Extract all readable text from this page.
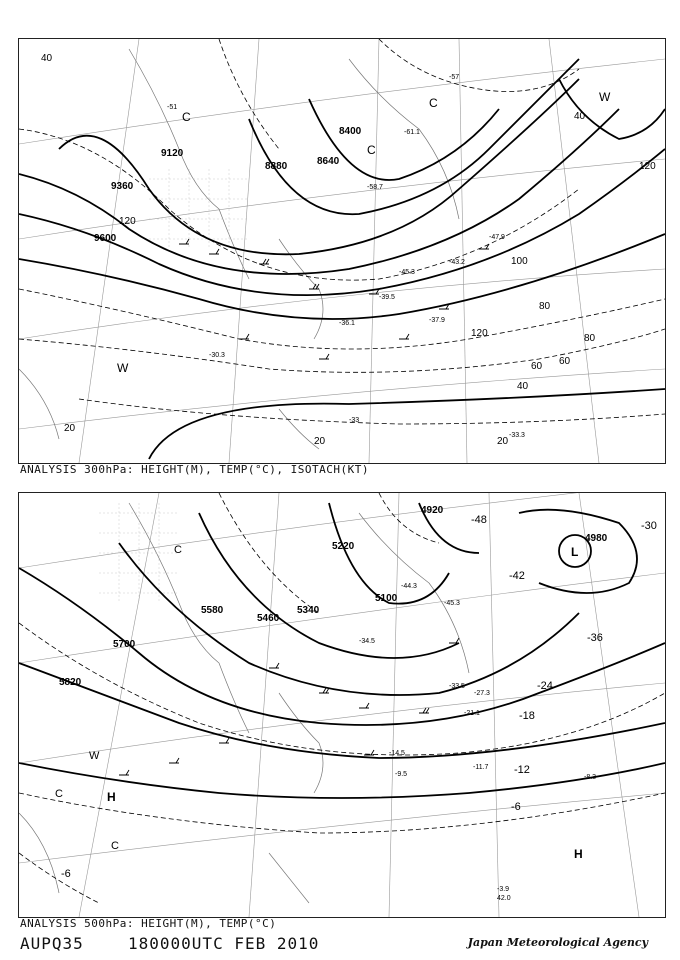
9120
8880	8640
8400
9360
9600
40
60
80
100
120
40
60
80
120
40
20
20	20
120
C
C
C
W
W
-51
-58.7
-47.9
-45.3
-43.2
-39.5
-36.1	-37.9
-30.3
-33
-33.3
-61.1
-57
ANALYSIS 300hPa: HEIGHT(M), TEMP(°C), ISOTACH(KT)
-30
-36
-42
-48
-24
-18
-12
-6
-6
4980
4920
5100
5220
5340
5460
5580
5700
5820
L
H
H
C
C
C
W
-44.3
-45.3
-34.5
-33.5
-27.3
-21.1
-14.5
-9.5
-11.7
-8.3
-3.9
42.0
ANALYSIS 500hPa: HEIGHT(M), TEMP(°C)
AUPQ35	180000UTC FEB 2010	Japan Meteorological Agency
